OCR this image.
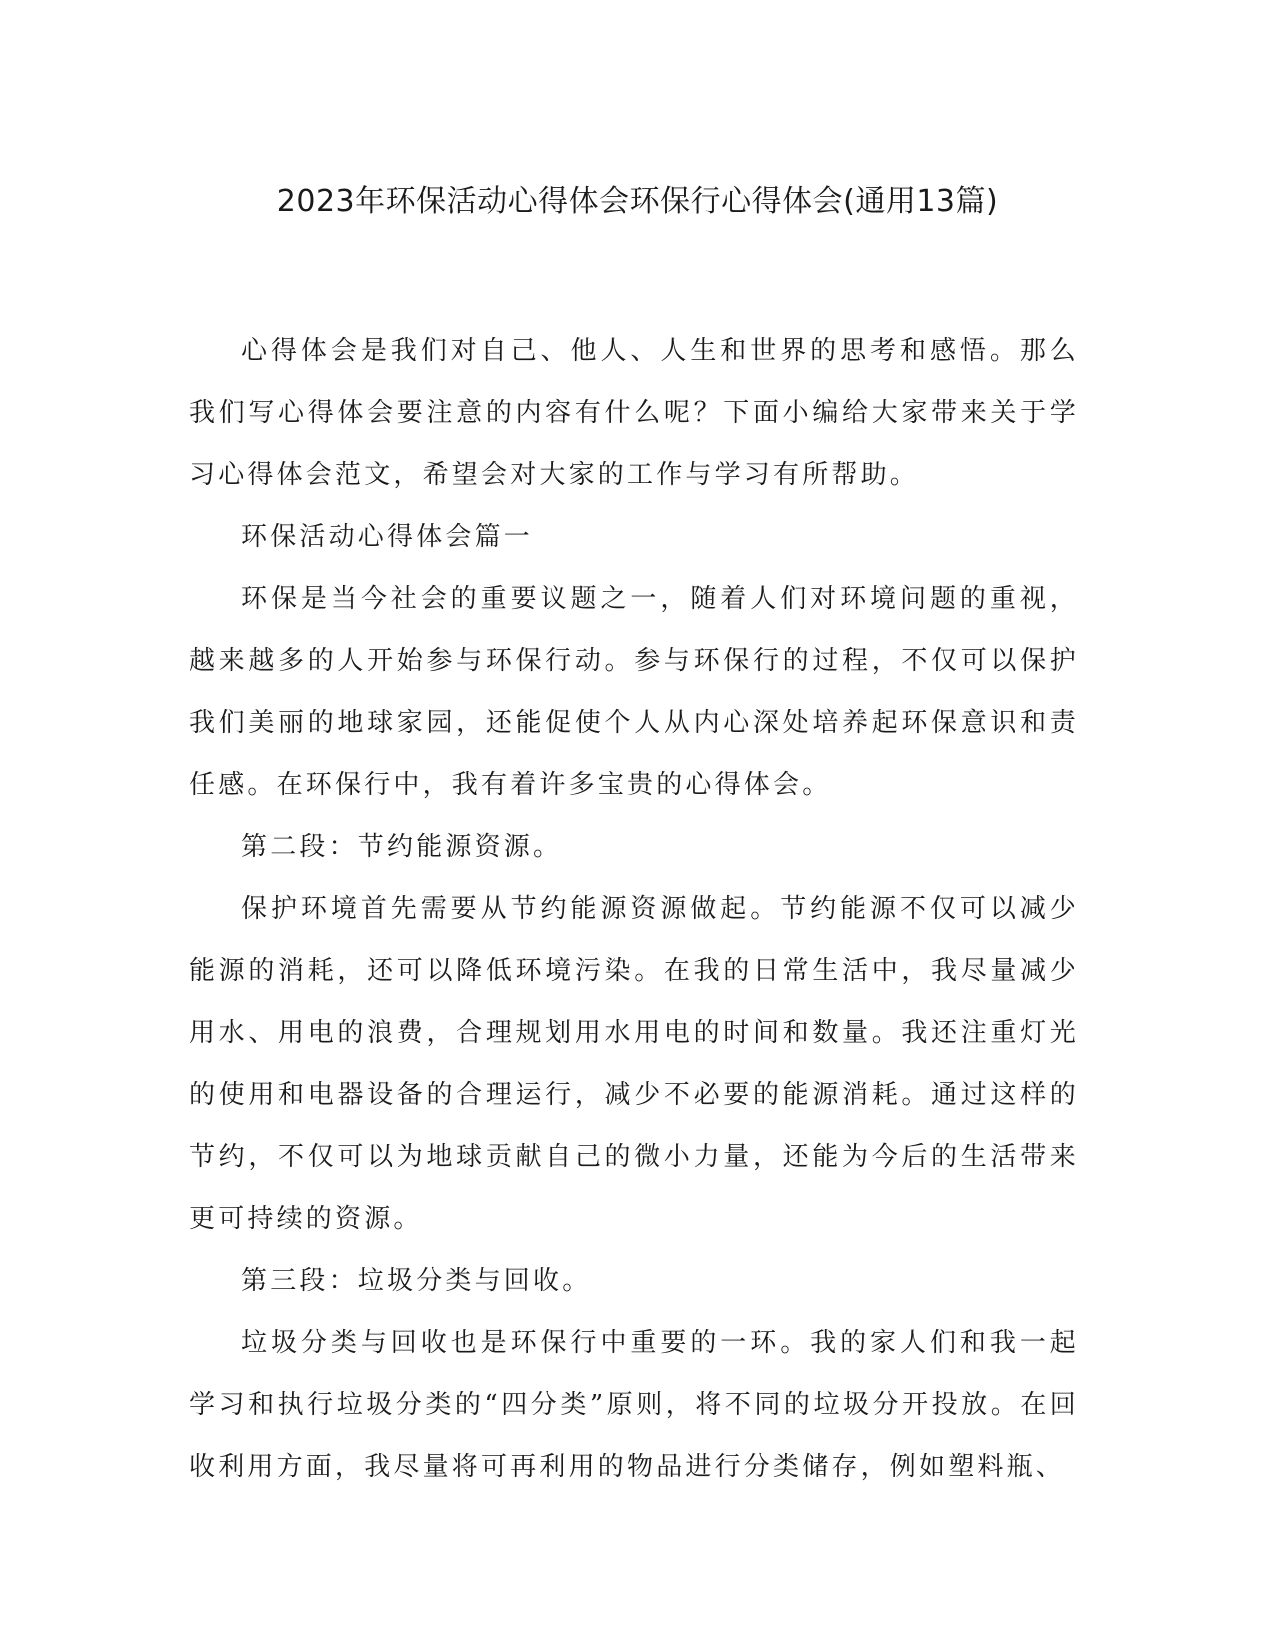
2023年环保活动心得体会环保行心得体会(通用13篇)

心得体会是我们对自己、他人、人生和世界的思考和感悟。那么我们写心得体会要注意的内容有什么呢？下面小编给大家带来关于学习心得体会范文，希望会对大家的工作与学习有所帮助。

环保活动心得体会篇一

环保是当今社会的重要议题之一，随着人们对环境问题的重视，越来越多的人开始参与环保行动。参与环保行的过程，不仅可以保护我们美丽的地球家园，还能促使个人从内心深处培养起环保意识和责任感。在环保行中，我有着许多宝贵的心得体会。

第二段：节约能源资源。

保护环境首先需要从节约能源资源做起。节约能源不仅可以减少能源的消耗，还可以降低环境污染。在我的日常生活中，我尽量减少用水、用电的浪费，合理规划用水用电的时间和数量。我还注重灯光的使用和电器设备的合理运行，减少不必要的能源消耗。通过这样的节约，不仅可以为地球贡献自己的微小力量，还能为今后的生活带来更可持续的资源。

第三段：垃圾分类与回收。

垃圾分类与回收也是环保行中重要的一环。我的家人们和我一起学习和执行垃圾分类的“四分类”原则，将不同的垃圾分开投放。在回收利用方面，我尽量将可再利用的物品进行分类储存，例如塑料瓶、
